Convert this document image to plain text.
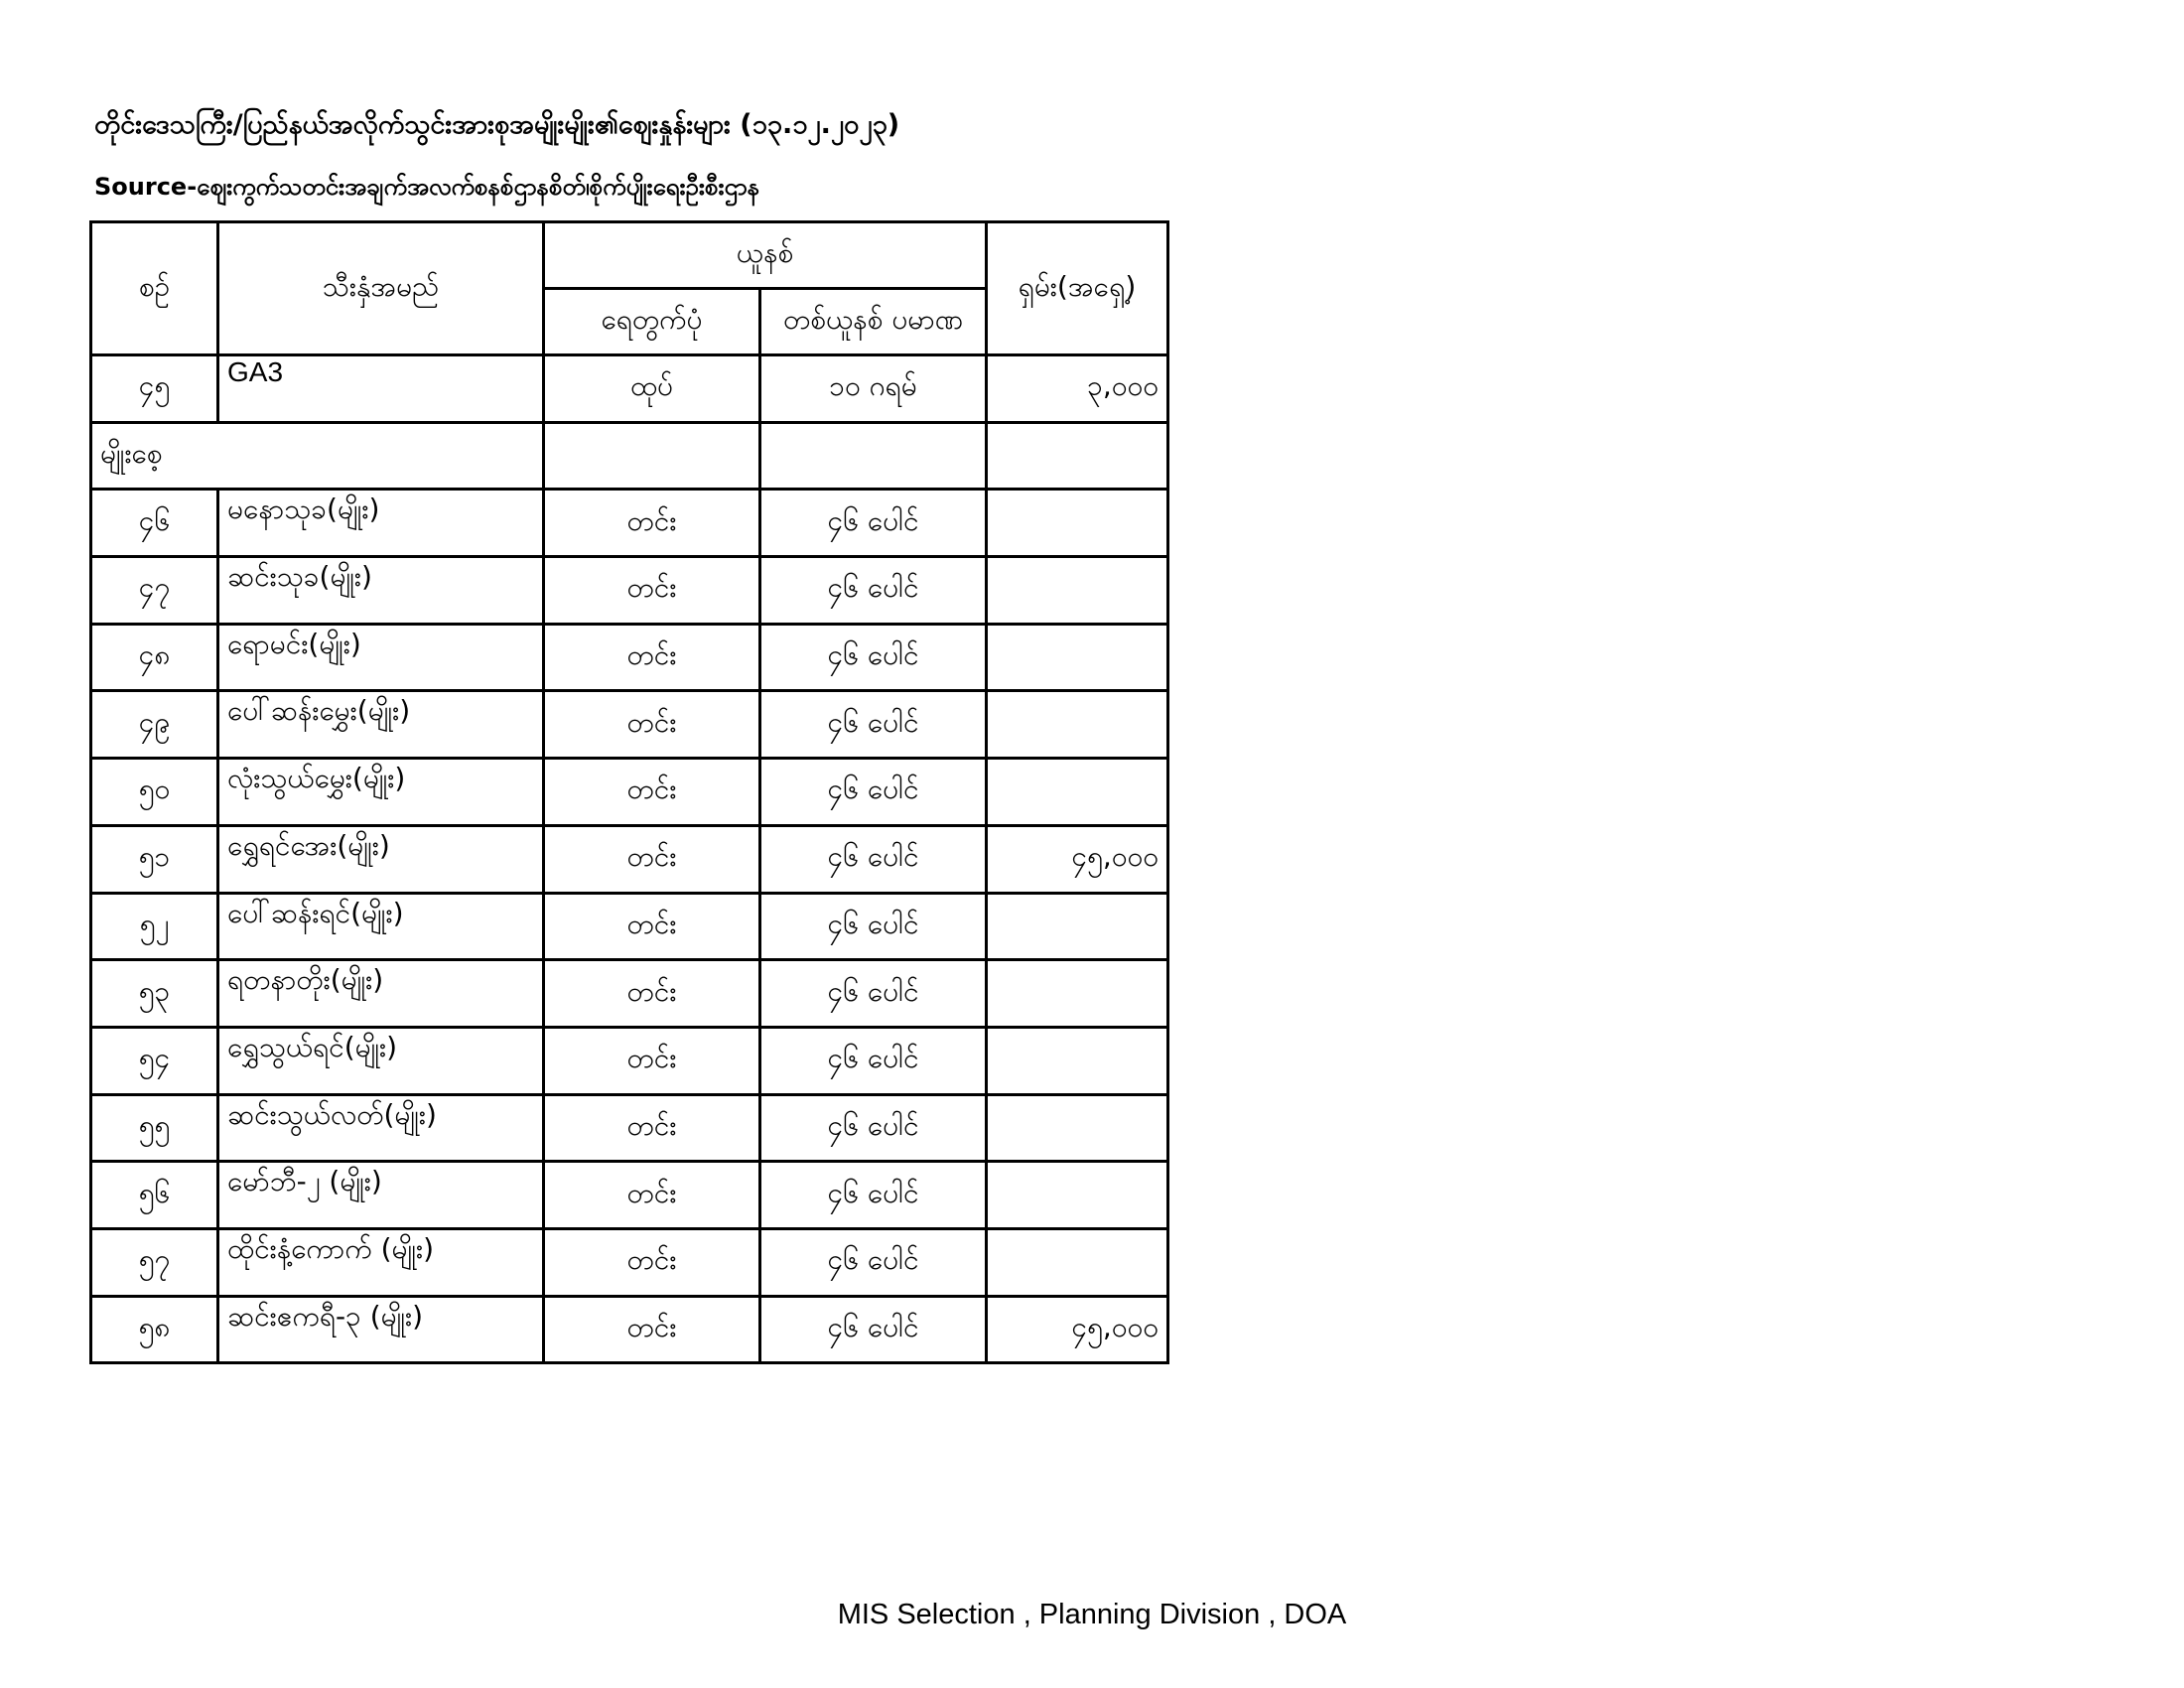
တိုင်းဒေသကြီး/ပြည်နယ်အလိုက်သွင်းအားစုအမျိုးမျိုး၏ဈေးနှုန်းများ (၁၃.၁၂.၂၀၂၃)
Source-ဈေးကွက်သတင်းအချက်အလက်စနစ်ဌာနစိတ်၊စိုက်ပျိုးရေးဦးစီးဌာန
စဉ်	သီးနှံအမည်	ယူနစ်		ရှမ်း(အရှေ့)
		ရေတွက်ပုံ	တစ်ယူနစ် ပမာဏ	
၄၅	GA3	ထုပ်	၁၀ ဂရမ်	၃,၀၀၀
မျိုးစေ့				
၄၆	မနောသုခ(မျိုး)	တင်း	၄၆ ပေါင်	
၄၇	ဆင်းသုခ(မျိုး)	တင်း	၄၆ ပေါင်	
၄၈	ရောမင်း(မျိုး)	တင်း	၄၆ ပေါင်	
၄၉	ပေါ်ဆန်းမွှေး(မျိုး)	တင်း	၄၆ ပေါင်	
၅၀	လုံးသွယ်မွှေး(မျိုး)	တင်း	၄၆ ပေါင်	
၅၁	ရွှေရင်အေး(မျိုး)	တင်း	၄၆ ပေါင်	၄၅,၀၀၀
၅၂	ပေါ်ဆန်းရင်(မျိုး)	တင်း	၄၆ ပေါင်	
၅၃	ရတနာတိုး(မျိုး)	တင်း	၄၆ ပေါင်	
၅၄	ရွှေသွယ်ရင်(မျိုး)	တင်း	၄၆ ပေါင်	
၅၅	ဆင်းသွယ်လတ်(မျိုး)	တင်း	၄၆ ပေါင်	
၅၆	မော်ဘီ-၂ (မျိုး)	တင်း	၄၆ ပေါင်	
၅၇	ထိုင်းနံ့ကောက် (မျိုး)	တင်း	၄၆ ပေါင်	
၅၈	ဆင်းဧကရီ-၃ (မျိုး)	တင်း	၄၆ ပေါင်	၄၅,၀၀၀
MIS Selection , Planning Division , DOA
